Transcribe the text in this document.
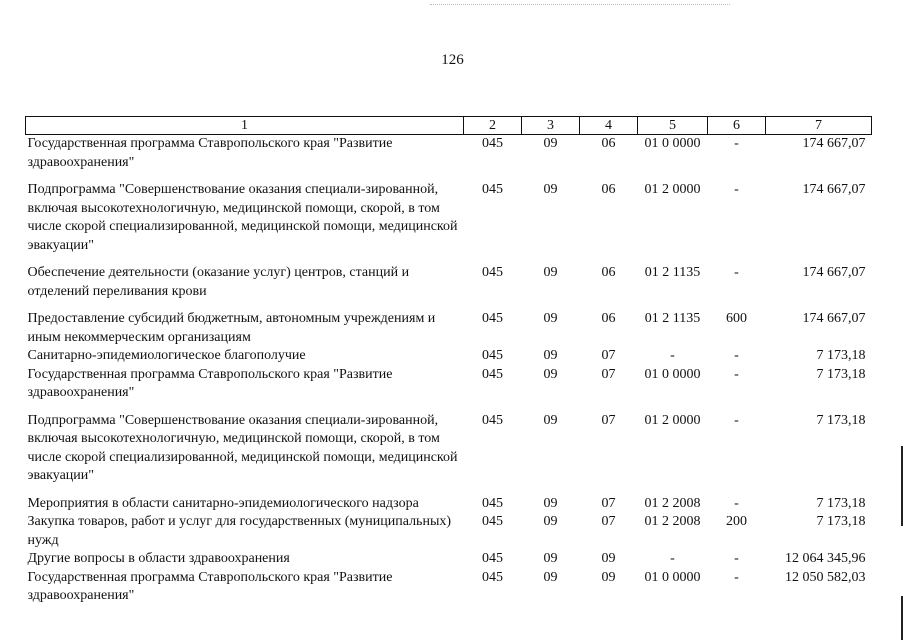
126
1	2	3	4	5	6	7
Государственная программа Ставропольского края "Развитие здравоохранения"	045	09	06	01 0 0000	-	174 667,07
Подпрограмма "Совершенствование оказания специали-зированной, включая высокотехнологичную, медицинской помощи, скорой, в том числе скорой специализированной, медицинской помощи, медицинской эвакуации"	045	09	06	01 2 0000	-	174 667,07
Обеспечение деятельности (оказание услуг) центров, станций и отделений переливания крови	045	09	06	01 2 1135	-	174 667,07
Предоставление субсидий бюджетным, автономным учреждениям и иным некоммерческим организациям	045	09	06	01 2 1135	600	174 667,07
Санитарно-эпидемиологическое благополучие	045	09	07	-	-	7 173,18
Государственная программа Ставропольского края "Развитие здравоохранения"	045	09	07	01 0 0000	-	7 173,18
Подпрограмма "Совершенствование оказания специали-зированной, включая высокотехнологичную, медицинской помощи, скорой, в том числе скорой специализированной, медицинской помощи, медицинской эвакуации"	045	09	07	01 2 0000	-	7 173,18
Мероприятия в области санитарно-эпидемиологического надзора	045	09	07	01 2 2008	-	7 173,18
Закупка товаров, работ и услуг для государственных (муниципальных) нужд	045	09	07	01 2 2008	200	7 173,18
Другие вопросы в области здравоохранения	045	09	09	-	-	12 064 345,96
Государственная программа Ставропольского края "Развитие здравоохранения"	045	09	09	01 0 0000	-	12 050 582,03
